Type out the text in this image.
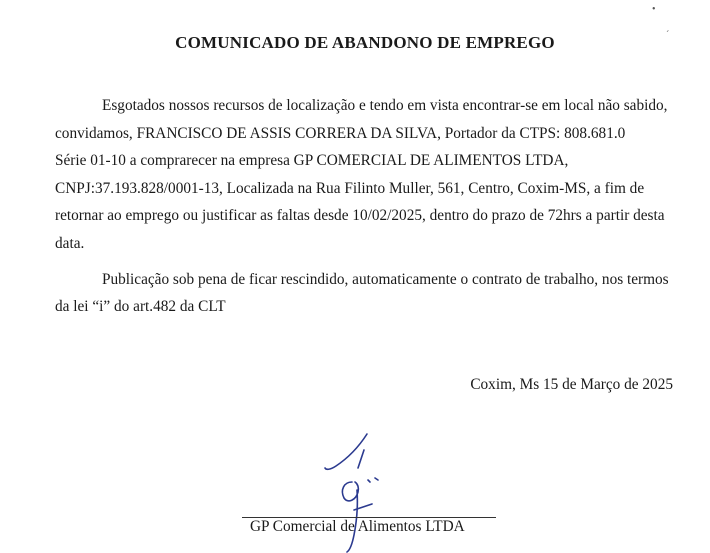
COMUNICADO DE ABANDONO DE EMPREGO
Esgotados nossos recursos de localização e tendo em vista encontrar-se em local não sabido,
convidamos, FRANCISCO DE ASSIS CORRERA DA SILVA, Portador da CTPS: 808.681.0
Série 01-10 a comprarecer na empresa GP COMERCIAL DE ALIMENTOS LTDA,
CNPJ:37.193.828/0001-13, Localizada na Rua Filinto Muller, 561, Centro, Coxim-MS, a fim de
retornar ao emprego ou justificar as faltas desde 10/02/2025, dentro do prazo de 72hrs a partir desta
data.
Publicação sob pena de ficar rescindido, automaticamente o contrato de trabalho, nos termos
da lei “i” do art.482 da CLT
Coxim, Ms 15 de Março de 2025
GP Comercial de Alimentos LTDA
•
ˊ
